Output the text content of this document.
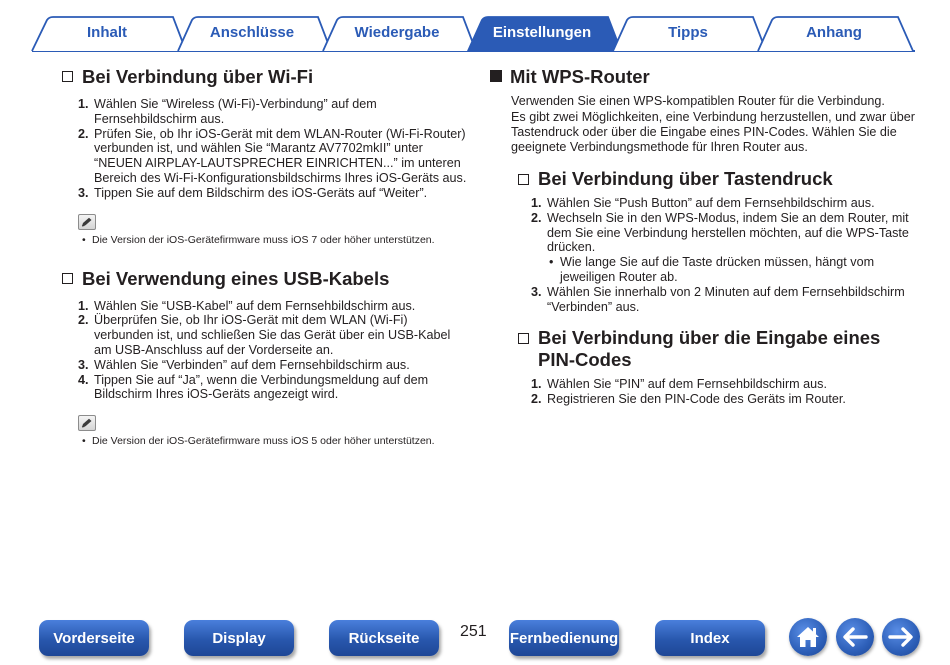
Inhalt	Anschlüsse	Wiedergabe	Einstellungen	Tipps	Anhang
Bei Verbindung über Wi-Fi
1. Wählen Sie “Wireless (Wi-Fi)-Verbindung” auf dem Fernsehbildschirm aus.
2. Prüfen Sie, ob Ihr iOS-Gerät mit dem WLAN-Router (Wi-Fi-Router) verbunden ist, und wählen Sie “Marantz AV7702mkII” unter “NEUEN AIRPLAY-LAUTSPRECHER EINRICHTEN...” im unteren Bereich des Wi-Fi-Konfigurationsbildschirms Ihres iOS-Geräts aus.
3. Tippen Sie auf dem Bildschirm des iOS-Geräts auf “Weiter”.
• Die Version der iOS-Gerätefirmware muss iOS 7 oder höher unterstützen.
Bei Verwendung eines USB-Kabels
1. Wählen Sie “USB-Kabel” auf dem Fernsehbildschirm aus.
2. Überprüfen Sie, ob Ihr iOS-Gerät mit dem WLAN (Wi-Fi) verbunden ist, und schließen Sie das Gerät über ein USB-Kabel am USB-Anschluss auf der Vorderseite an.
3. Wählen Sie “Verbinden” auf dem Fernsehbildschirm aus.
4. Tippen Sie auf “Ja”, wenn die Verbindungsmeldung auf dem Bildschirm Ihres iOS-Geräts angezeigt wird.
• Die Version der iOS-Gerätefirmware muss iOS 5 oder höher unterstützen.
Mit WPS-Router

Verwenden Sie einen WPS-kompatiblen Router für die Verbindung.

Es gibt zwei Möglichkeiten, eine Verbindung herzustellen, und zwar über Tastendruck oder über die Eingabe eines PIN-Codes. Wählen Sie die geeignete Verbindungsmethode für Ihren Router aus.

Bei Verbindung über Tastendruck
1. Wählen Sie “Push Button” auf dem Fernsehbildschirm aus.
2. Wechseln Sie in den WPS-Modus, indem Sie an dem Router, mit dem Sie eine Verbindung herstellen möchten, auf die WPS-Taste drücken.
• Wie lange Sie auf die Taste drücken müssen, hängt vom jeweiligen Router ab.
3. Wählen Sie innerhalb von 2 Minuten auf dem Fernsehbildschirm “Verbinden” aus.
Bei Verbindung über die Eingabe eines PIN-Codes
1. Wählen Sie “PIN” auf dem Fernsehbildschirm aus.
2. Registrieren Sie den PIN-Code des Geräts im Router.
Vorderseite	Display	Rückseite	251 Fernbedienung	Index
